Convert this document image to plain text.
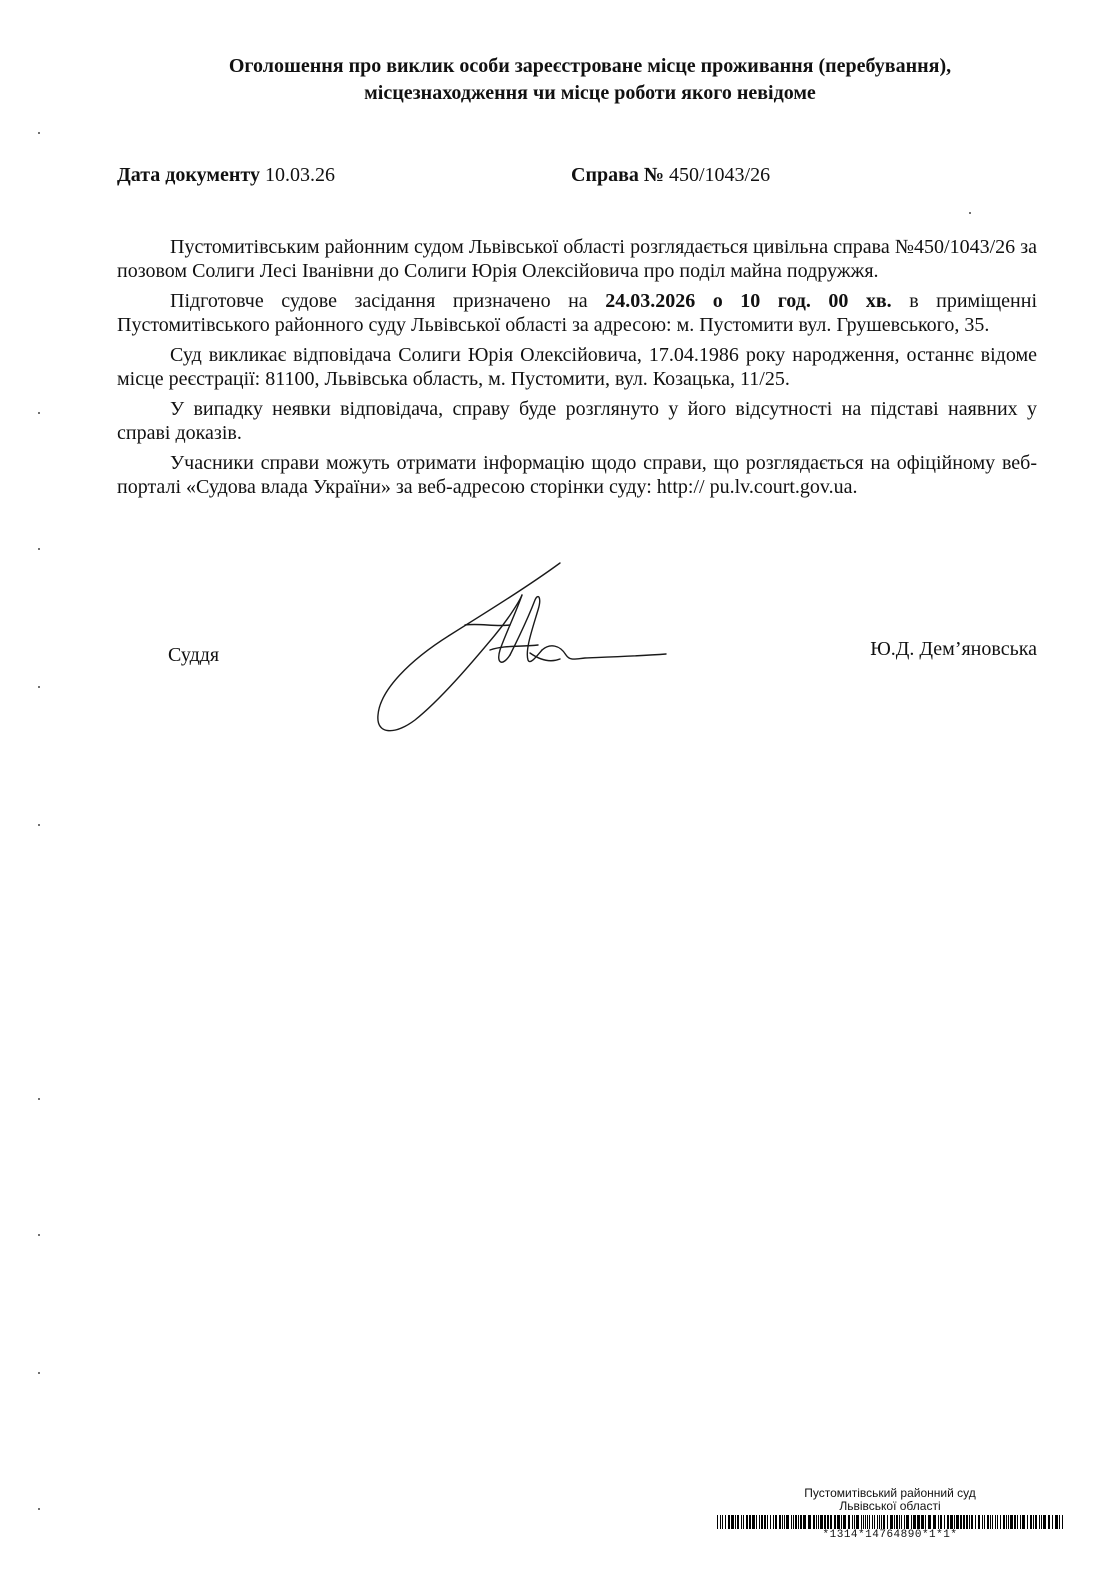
Оголошення про виклик особи зареєстроване місце проживання (перебування),
місцезнаходження чи місце роботи якого невідоме
Дата документу 10.03.26	Справа № 450/1043/26

Пустомитівським районним судом Львівської області розглядається цивільна справа №450/1043/26 за позовом Солиги Лесі Іванівни до Солиги Юрія Олексійовича про поділ майна подружжя.

Підготовче судове засідання призначено на 24.03.2026 о 10 год. 00 хв. в приміщенні Пустомитівського районного суду Львівської області за адресою: м. Пустомити вул. Грушевського, 35.

Суд викликає відповідача Солиги Юрія Олексійовича, 17.04.1986 року народження, останнє відоме місце реєстрації: 81100, Львівська область, м. Пустомити, вул. Козацька, 11/25.

У випадку неявки відповідача, справу буде розглянуто у його відсутності на підставі наявних у справі доказів.

Учасники справи можуть отримати інформацію щодо справи, що розглядається на офіційному веб-порталі «Судова влада України» за веб-адресою сторінки суду: http:// pu.lv.court.gov.ua.

Суддя	Ю.Д. Дем’яновська
Пустомитівський районний суд
Львівської області
*1314*14764890*1*1*
